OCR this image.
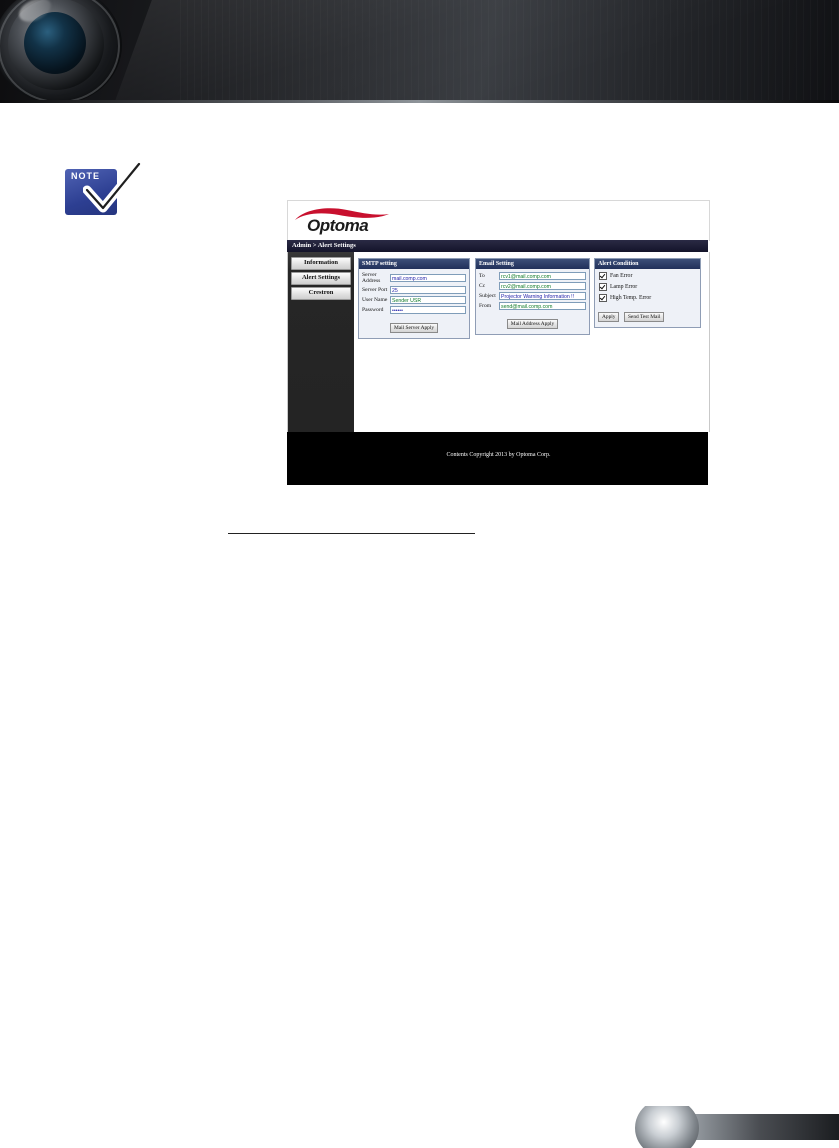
NOTE
Optoma
Admin > Alert Settings
Information
Alert Settings
Crestron
SMTP setting
Server Address	mail.comp.com
Server Port 25
User Name Sender USR
Password	••••••
Mail Server Apply
Email Setting
To	rcv1@mail.comp.com
Cc	rcv2@mail.comp.com
Subject	Projector Warning Information !!
From	send@mail.comp.com
Mail Address Apply
Alert Condition
Fan Error
Lamp Error
High Temp. Error
Apply Send Test Mail
Contents Copyright 2013 by Optoma Corp.
